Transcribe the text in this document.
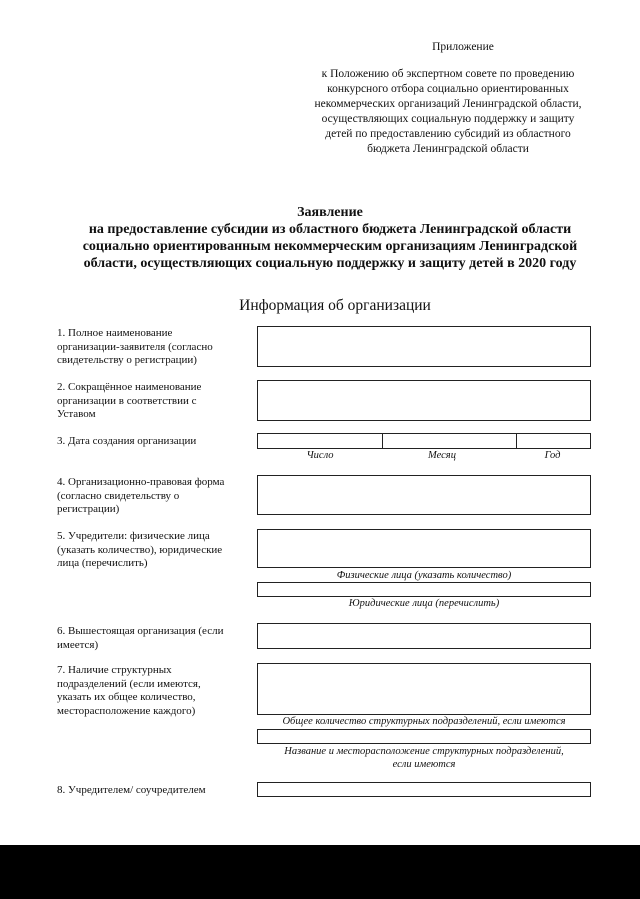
Приложение
к Положению об экспертном совете по проведению
конкурсного отбора социально ориентированных
некоммерческих организаций Ленинградской области,
осуществляющих социальную поддержку и защиту
детей по предоставлению субсидий из областного
бюджета Ленинградской области
Заявление
на предоставление субсидии из областного бюджета Ленинградской области
социально ориентированным некоммерческим организациям Ленинградской
области, осуществляющих социальную поддержку и защиту детей в 2020 году
Информация об организации
1. Полное наименование
организации-заявителя (согласно
свидетельству о регистрации)
2. Сокращённое наименование
организации в соответствии с
Уставом
3. Дата создания организации
Число	Месяц	Год
4. Организационно-правовая форма
(согласно свидетельству о
регистрации)
5. Учредители: физические лица
(указать количество), юридические
лица (перечислить)
Физические лица (указать количество)
Юридические лица (перечислить)
6. Вышестоящая организация (если
имеется)
7. Наличие структурных
подразделений (если имеются,
указать их общее количество,
месторасположение каждого)
Общее количество структурных подразделений, если имеются
Название и месторасположение структурных подразделений,
если имеются
8. Учредителем/ соучредителем
